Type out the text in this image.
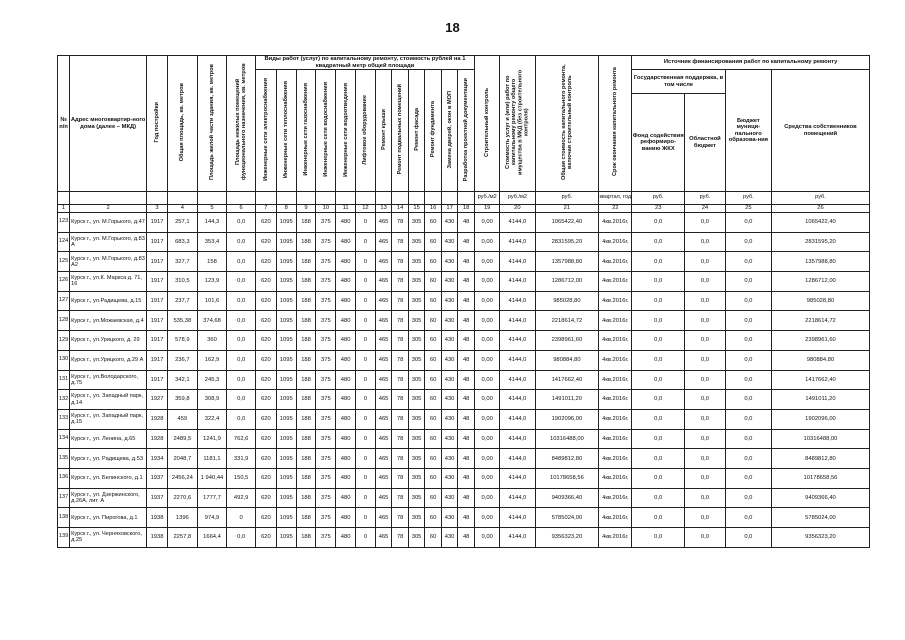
18
№ п/п	Адрес многоквартир-ного дома (далее – МКД)	Год постройки	Общая площадь, кв. метров	Площадь жилой части здания, кв. метров	Площадь нежилых помещений функционального назначения, кв. метров	Виды работ (услуг) по капитальному ремонту, стоимость рублей на 1 квадратный метр общей площади												Строительный контроль	Стоимость услуг и (или) работ по капитальному ремонту общего имущества в МКД (без строительного контроля)	Общая стоимость капитального ремонта, включая строительный контроль	Срок окончания капитального ремонта	Источник финансирования работ по капитальному ремонту			
						Инженерные сети электроснабжения	Инженерные сети теплоснабжения	Инженерные сети газоснабжения	Инженерные сети водоснабжения	Инженерные сети водоотведения	Лифтовое оборудование	Ремонт крыши	Ремонт подвальных помещений	Ремонт фасада	Ремонт фундамента	Замена дверей, окон в МОП	Разработка проектной документации					Государственная поддержка, в том числе		Бюджет муници-пального образова-ния	Средства собственников помещений
																						Фонд содействия реформиро-ванию ЖКХ	Областной бюджет		
																		руб./м2	руб./м2	руб.	квартал, год	руб.	руб.	руб.	руб.
1	2	3	4	5	6	7	8	9	10	11	12	13	14	15	16	17	18	19	20	21	22	23	24	25	26
123	Курск г., ул. М.Горького, д.47	1917	257,1	144,3	0,0	620	1095	188	375	480	0	465	78	305	60	430	48	0,00	4144,0	1065422,40	4кв.2016г.	0,0	0,0	0,0	1065422,40
124	Курск г., ул. М.Горького, д.83 А	1917	683,3	353,4	0,0	620	1095	188	375	480	0	465	78	305	60	430	48	0,00	4144,0	2831595,20	4кв.2016г.	0,0	0,0	0,0	2831595,20
125	Курск г., ул. М.Горького, д.83 А2	1917	327,7	158	0,0	620	1095	188	375	480	0	465	78	305	60	430	48	0,00	4144,0	1357988,80	4кв.2016г.	0,0	0,0	0,0	1357988,80
126	Курск г., ул.К. Маркса д. 71, 16	1917	310,5	123,9	0,0	620	1095	188	375	480	0	465	78	305	60	430	48	0,00	4144,0	1286712,00	4кв.2016г.	0,0	0,0	0,0	1286712,00
127	Курск г., ул.Радищева, д.15	1917	237,7	101,6	0,0	620	1095	188	375	480	0	465	78	305	60	430	48	0,00	4144,0	985028,80	4кв.2016г.	0,0	0,0	0,0	985028,80
128	Курск г., ул.Можаевская, д.4	1917	535,38	374,68	0,0	620	1095	188	375	480	0	465	78	305	60	430	48	0,00	4144,0	2218614,72	4кв.2016г.	0,0	0,0	0,0	2218614,72
129	Курск г., ул.Урицкого, д. 29	1917	578,9	360	0,0	620	1095	188	375	480	0	465	78	305	60	430	48	0,00	4144,0	2398961,60	4кв.2016г.	0,0	0,0	0,0	2398961,60
130	Курск г., ул.Урицкого, д.29 А	1917	236,7	162,9	0,0	620	1095	188	375	480	0	465	78	305	60	430	48	0,00	4144,0	980884,80	4кв.2016г.	0,0	0,0	0,0	980884,80
131	Курск г., ул.Володарского, д.75	1917	342,1	245,3	0,0	620	1095	188	375	480	0	465	78	305	60	430	48	0,00	4144,0	1417662,40	4кв.2016г.	0,0	0,0	0,0	1417662,40
132	Курск г., ул. Западный парк, д.14	1927	359,8	308,9	0,0	620	1095	188	375	480	0	465	78	305	60	430	48	0,00	4144,0	1491011,20	4кв.2016г.	0,0	0,0	0,0	1491011,20
133	Курск г., ул. Западный парк, д.15	1928	459	322,4	0,0	620	1095	188	375	480	0	465	78	305	60	430	48	0,00	4144,0	1902096,00	4кв.2016г.	0,0	0,0	0,0	1902096,00
134	Курск г., ул. Ленина, д.65	1928	2489,5	1241,9	762,6	620	1095	188	375	480	0	465	78	305	60	430	48	0,00	4144,0	10316488,00	4кв.2016г.	0,0	0,0	0,0	10316488,00
135	Курск г., ул. Радищева, д.53	1934	2048,7	1181,1	331,9	620	1095	188	375	480	0	465	78	305	60	430	48	0,00	4144,0	8489812,80	4кв.2016г.	0,0	0,0	0,0	8489812,80
136	Курск г., ул. Белинского, д.1	1937	2456,24	1 940,44	150,5	620	1095	188	375	480	0	465	78	305	60	430	48	0,00	4144,0	10178658,56	4кв.2016г.	0,0	0,0	0,0	10178658,56
137	Курск г., ул. Дзержинского, д.26А, лит. А	1937	2270,6	1777,7	492,9	620	1095	188	375	480	0	465	78	305	60	430	48	0,00	4144,0	9409366,40	4кв.2016г.	0,0	0,0	0,0	9409366,40
138	Курск г., ул. Пирогова, д.1	1938	1396	974,9	0	620	1095	188	375	480	0	465	78	305	60	430	48	0,00	4144,0	5785024,00	4кв.2016г.	0,0	0,0	0,0	5785024,00
139	Курск г., ул. Черняховского, д.25	1938	2257,8	1664,4	0,0	620	1095	188	375	480	0	465	78	305	60	430	48	0,00	4144,0	9356323,20	4кв.2016г.	0,0	0,0	0,0	9356323,20
